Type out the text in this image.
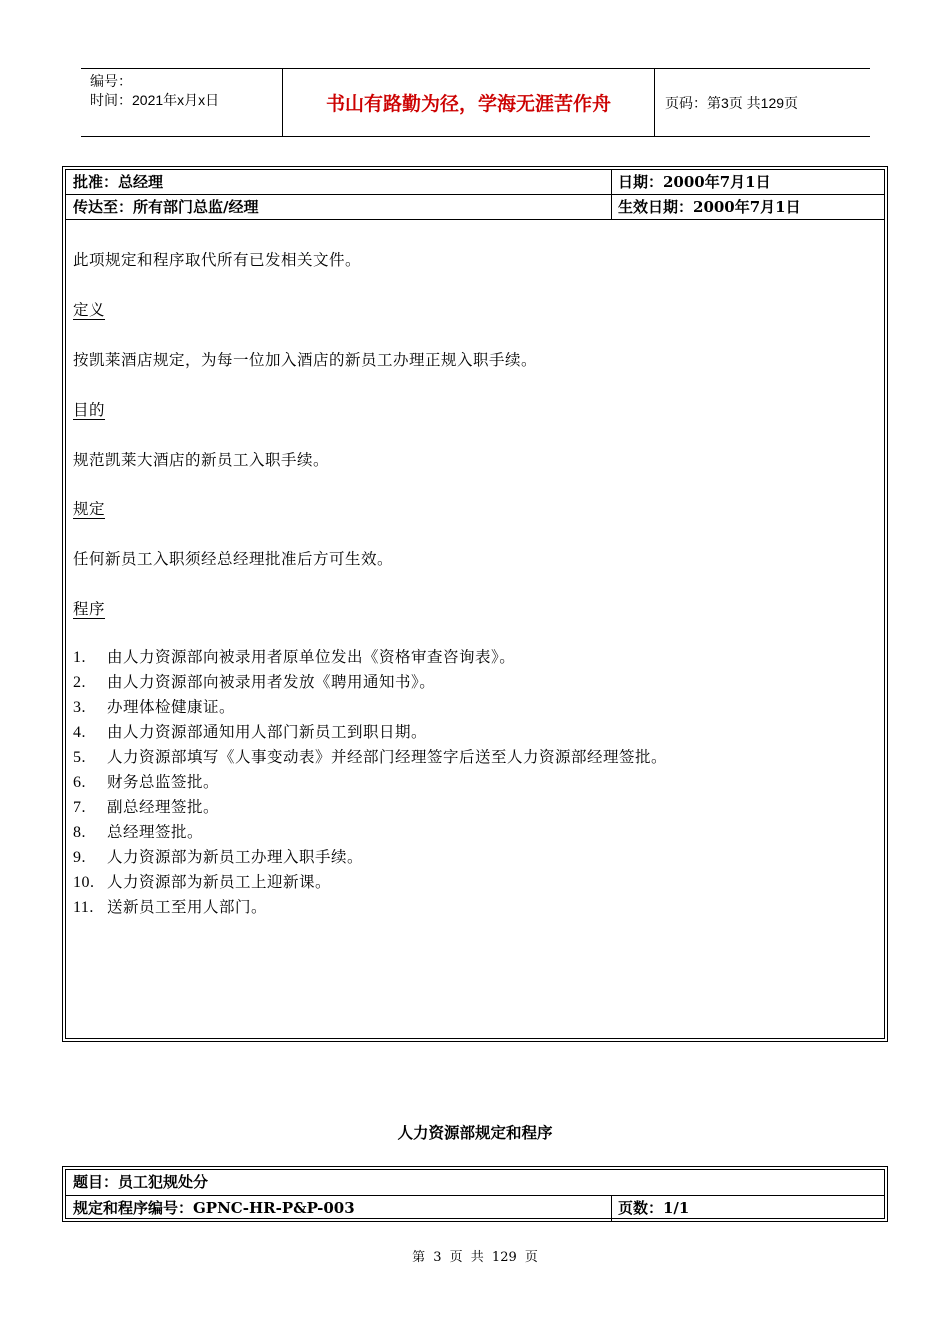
编号：
时间：2021年x月x日	书山有路勤为径，学海无涯苦作舟	页码：第3页 共129页
批准：总经理	日期：2000年7月1日
传达至：所有部门总监/经理	生效日期：2000年7月1日
此项规定和程序取代所有已发相关文件。
定义
按凯莱酒店规定，为每一位加入酒店的新员工办理正规入职手续。
目的
规范凯莱大酒店的新员工入职手续。
规定
任何新员工入职须经总经理批准后方可生效。
程序
1.	由人力资源部向被录用者原单位发出《资格审查咨询表》。
2.	由人力资源部向被录用者发放《聘用通知书》。
3.	办理体检健康证。
4.	由人力资源部通知用人部门新员工到职日期。
5.	人力资源部填写《人事变动表》并经部门经理签字后送至人力资源部经理签批。
6.	财务总监签批。
7.	副总经理签批。
8.	总经理签批。
9.	人力资源部为新员工办理入职手续。
10. 人力资源部为新员工上迎新课。
11. 送新员工至用人部门。
人力资源部规定和程序
题目：员工犯规处分
规定和程序编号：GPNC-HR-P&P-003	页数：1/1
第 3 页 共 129 页
